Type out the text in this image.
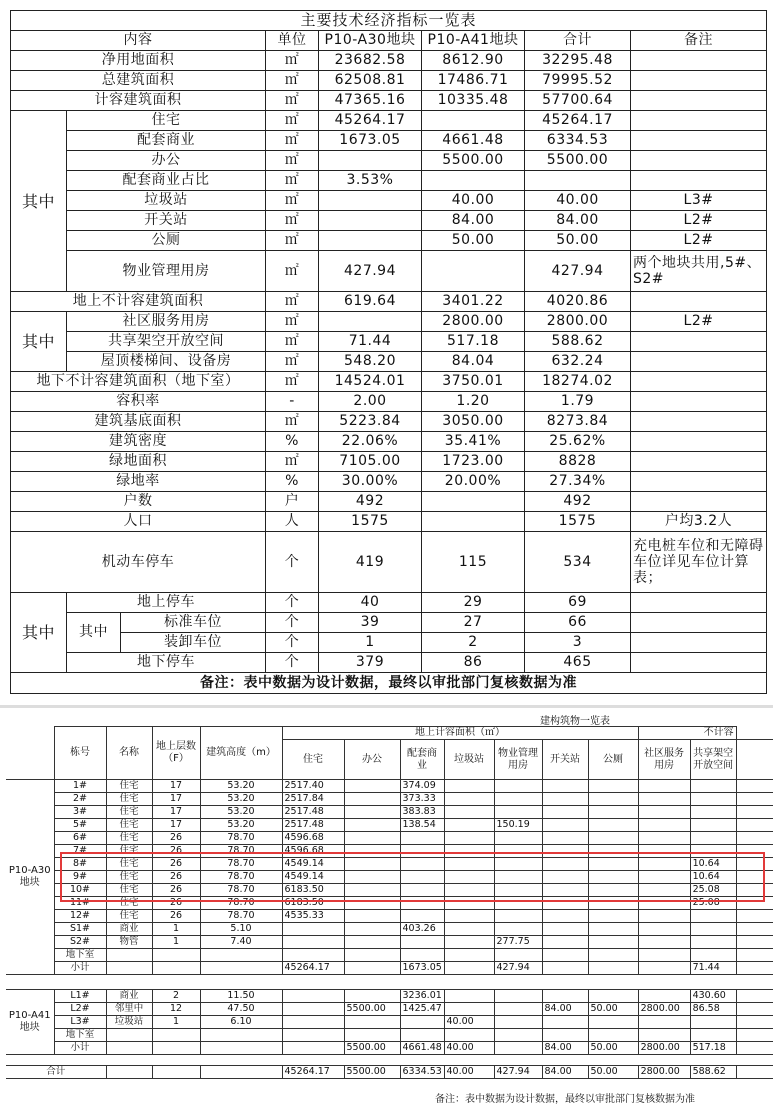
主要技术经济指标一览表							
内容			单位	P10-A30地块	P10-A41地块	合计	备注
净用地面积			㎡	23682.58	8612.90	32295.48	
总建筑面积			㎡	62508.81	17486.71	79995.52	
计容建筑面积			㎡	47365.16	10335.48	57700.64	
其中	住宅		㎡	45264.17		45264.17	
	配套商业		㎡	1673.05	4661.48	6334.53	
	办公		㎡		5500.00	5500.00	
	配套商业占比		㎡	3.53%			
	垃圾站		㎡		40.00	40.00	L3#
	开关站		㎡		84.00	84.00	L2#
	公厕		㎡		50.00	50.00	L2#
	物业管理用房		㎡	427.94		427.94	两个地块共用,5#、S2#
地上不计容建筑面积			㎡	619.64	3401.22	4020.86	
其中	社区服务用房		㎡		2800.00	2800.00	L2#
	共享架空开放空间		㎡	71.44	517.18	588.62	
	屋顶楼梯间、设备房		㎡	548.20	84.04	632.24	
地下不计容建筑面积（地下室）			㎡	14524.01	3750.01	18274.02	
容积率			-	2.00	1.20	1.79	
建筑基底面积			㎡	5223.84	3050.00	8273.84	
建筑密度			%	22.06%	35.41%	25.62%	
绿地面积			㎡	7105.00	1723.00	8828	
绿地率			%	30.00%	20.00%	27.34%	
户数			户	492		492	
人口			人	1575		1575	户均3.2人
机动车停车			个	419	115	534	充电桩车位和无障碍车位详见车位计算表；
其中	地上停车		个	40	29	69	
	其中	标准车位	个	39	27	66	
		装卸车位	个	1	2	3	
	地下停车		个	379	86	465	
备注：表中数据为设计数据，最终以审批部门复核数据为准							
建构筑物一览表
	栋号	名称	地上层数（F）	建筑高度（m）	地上计容面积（㎡）							不计容		
					住宅	办公	配套商业	垃圾站	物业管理用房	开关站	公厕	社区服务用房	共享架空开放空间	
P10-A30地块	1#	住宅	17	53.20	2517.40		374.09							
	2#	住宅	17	53.20	2517.84		373.33							
	3#	住宅	17	53.20	2517.48		383.83							
	5#	住宅	17	53.20	2517.48		138.54		150.19					
	6#	住宅	26	78.70	4596.68									
	7#	住宅	26	78.70	4596.68									
	8#	住宅	26	78.70	4549.14								10.64	
	9#	住宅	26	78.70	4549.14								10.64	
	10#	住宅	26	78.70	6183.50								25.08	
	11#	住宅	26	78.70	6183.50								25.08	
	12#	住宅	26	78.70	4535.33									
	S1#	商业	1	5.10			403.26							
	S2#	物管	1	7.40					277.75					
	地下室													
	小计				45264.17		1673.05		427.94				71.44	

P10-A41地块	L1#	商业	2	11.50			3236.01						430.60	
	L2#	邻里中	12	47.50		5500.00	1425.47			84.00	50.00	2800.00	86.58	
	L3#	垃圾站	1	6.10				40.00						
	地下室													
	小计					5500.00	4661.48	40.00		84.00	50.00	2800.00	517.18	

合计					45264.17	5500.00	6334.53	40.00	427.94	84.00	50.00	2800.00	588.62	
备注：表中数据为设计数据，最终以审批部门复核数据为准
